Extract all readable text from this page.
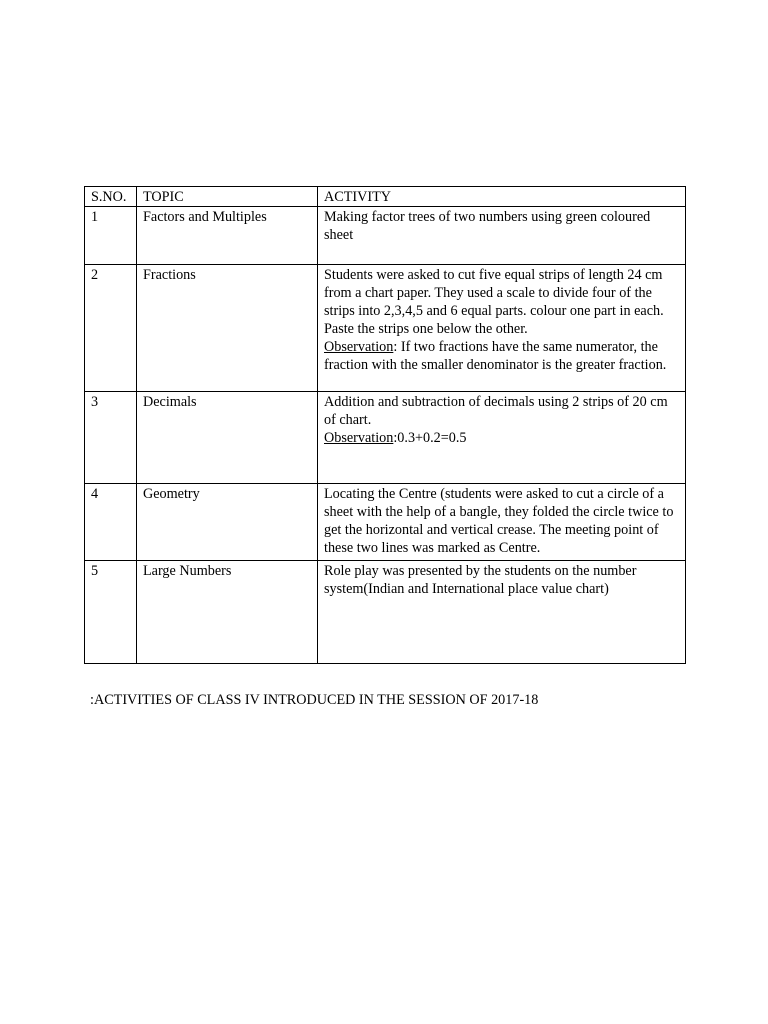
S.NO.	TOPIC	ACTIVITY
1	Factors and Multiples	Making factor trees of two numbers using green coloured sheet

2	Fractions	Students were asked to cut five equal strips of length 24 cm from a chart paper. They used a scale to divide four of the strips into 2,3,4,5 and 6 equal parts. colour one part in each. Paste the strips one below the other.
Observation: If two fractions have the same numerator, the fraction with the smaller denominator is the greater fraction.

3	Decimals	Addition and subtraction of decimals using 2 strips of 20 cm of chart.
Observation:0.3+0.2=0.5

4	Geometry	Locating the Centre (students were asked to cut a circle of a sheet with the help of a bangle, they folded the circle twice to get the horizontal and vertical crease. The meeting point of these two lines was marked as Centre.

5	Large Numbers	Role play was presented by the students on the number system(Indian and International place value chart)
:ACTIVITIES OF CLASS IV INTRODUCED IN THE SESSION OF 2017-18
